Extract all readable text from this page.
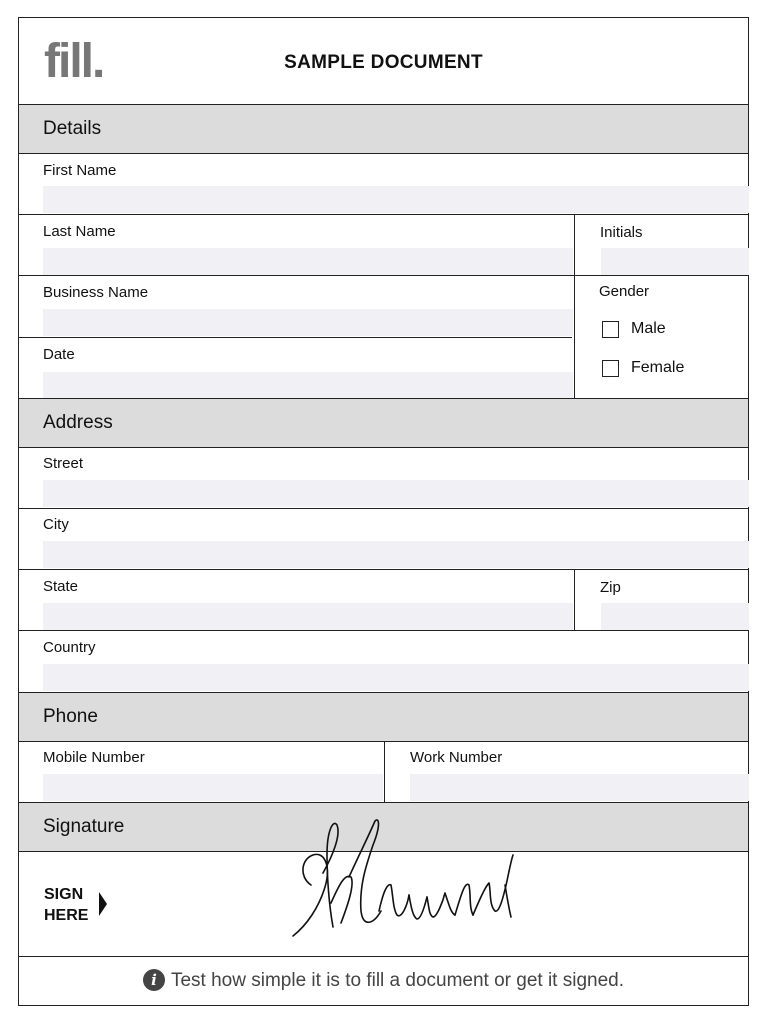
fill.	SAMPLE DOCUMENT
Details
First Name
Last Name	Initials
Business Name
Date
Gender
Male
Female
Address
Street
City
State	Zip
Country
Phone
Mobile Number	Work Number
Signature
SIGN HERE
i Test how simple it is to fill a document or get it signed.
